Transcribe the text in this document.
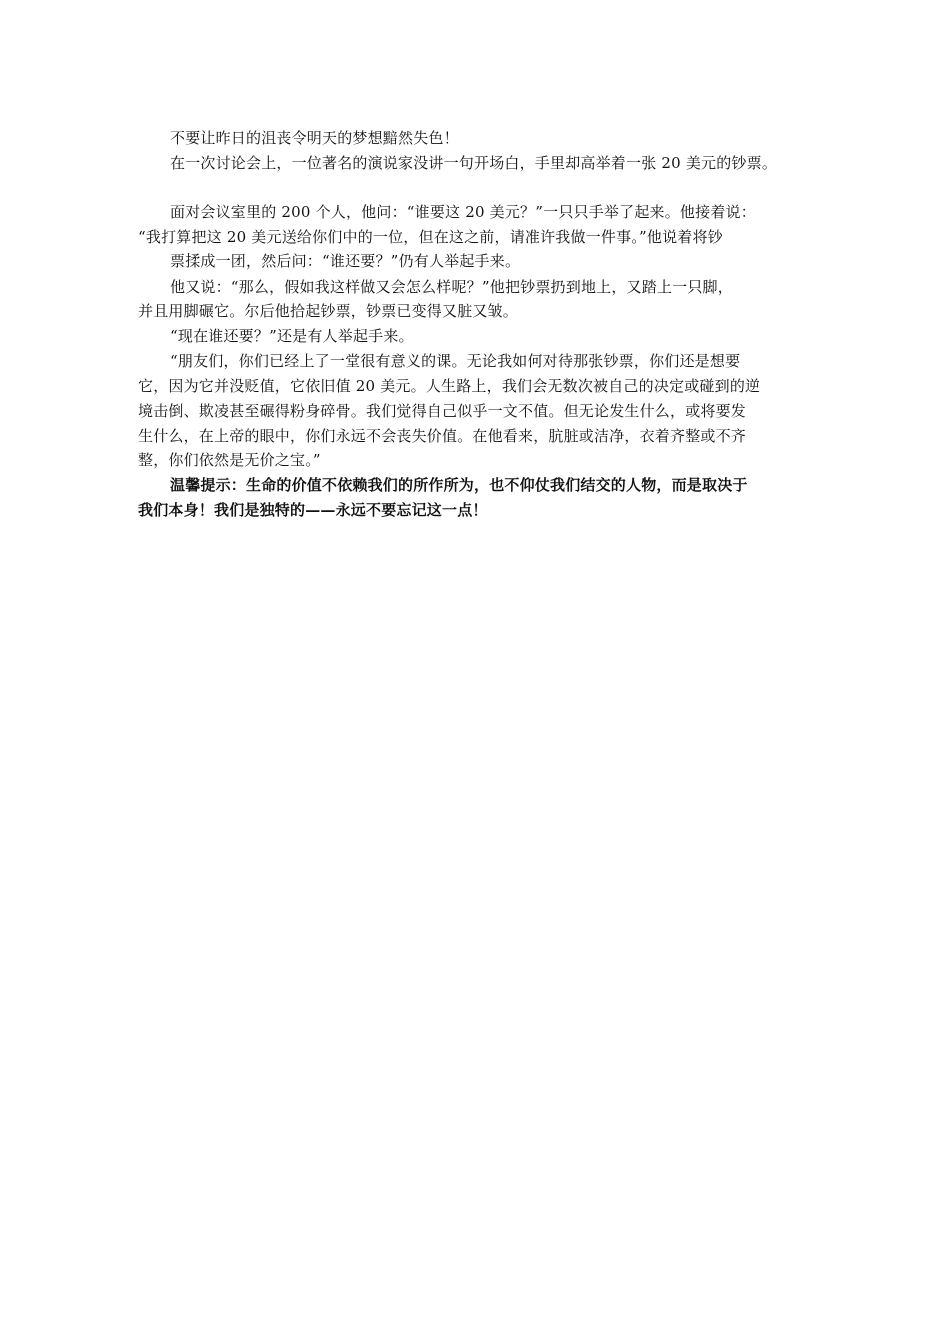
不要让昨日的沮丧令明天的梦想黯然失色！
在一次讨论会上，一位著名的演说家没讲一句开场白，手里却高举着一张 20 美元的钞票。
面对会议室里的 200 个人，他问：“谁要这 20 美元？”一只只手举了起来。他接着说：
“我打算把这 20 美元送给你们中的一位，但在这之前，请准许我做一件事。”他说着将钞
票揉成一团，然后问：“谁还要？”仍有人举起手来。
他又说：“那么，假如我这样做又会怎么样呢？”他把钞票扔到地上，又踏上一只脚，
并且用脚碾它。尔后他拾起钞票，钞票已变得又脏又皱。
“现在谁还要？”还是有人举起手来。
“朋友们，你们已经上了一堂很有意义的课。无论我如何对待那张钞票，你们还是想要
它，因为它并没贬值，它依旧值 20 美元。人生路上，我们会无数次被自己的决定或碰到的逆
境击倒、欺凌甚至碾得粉身碎骨。我们觉得自己似乎一文不值。但无论发生什么，或将要发
生什么，在上帝的眼中，你们永远不会丧失价值。在他看来，肮脏或洁净，衣着齐整或不齐
整，你们依然是无价之宝。”
温馨提示：生命的价值不依赖我们的所作所为，也不仰仗我们结交的人物，而是取决于
我们本身！我们是独特的——永远不要忘记这一点！
